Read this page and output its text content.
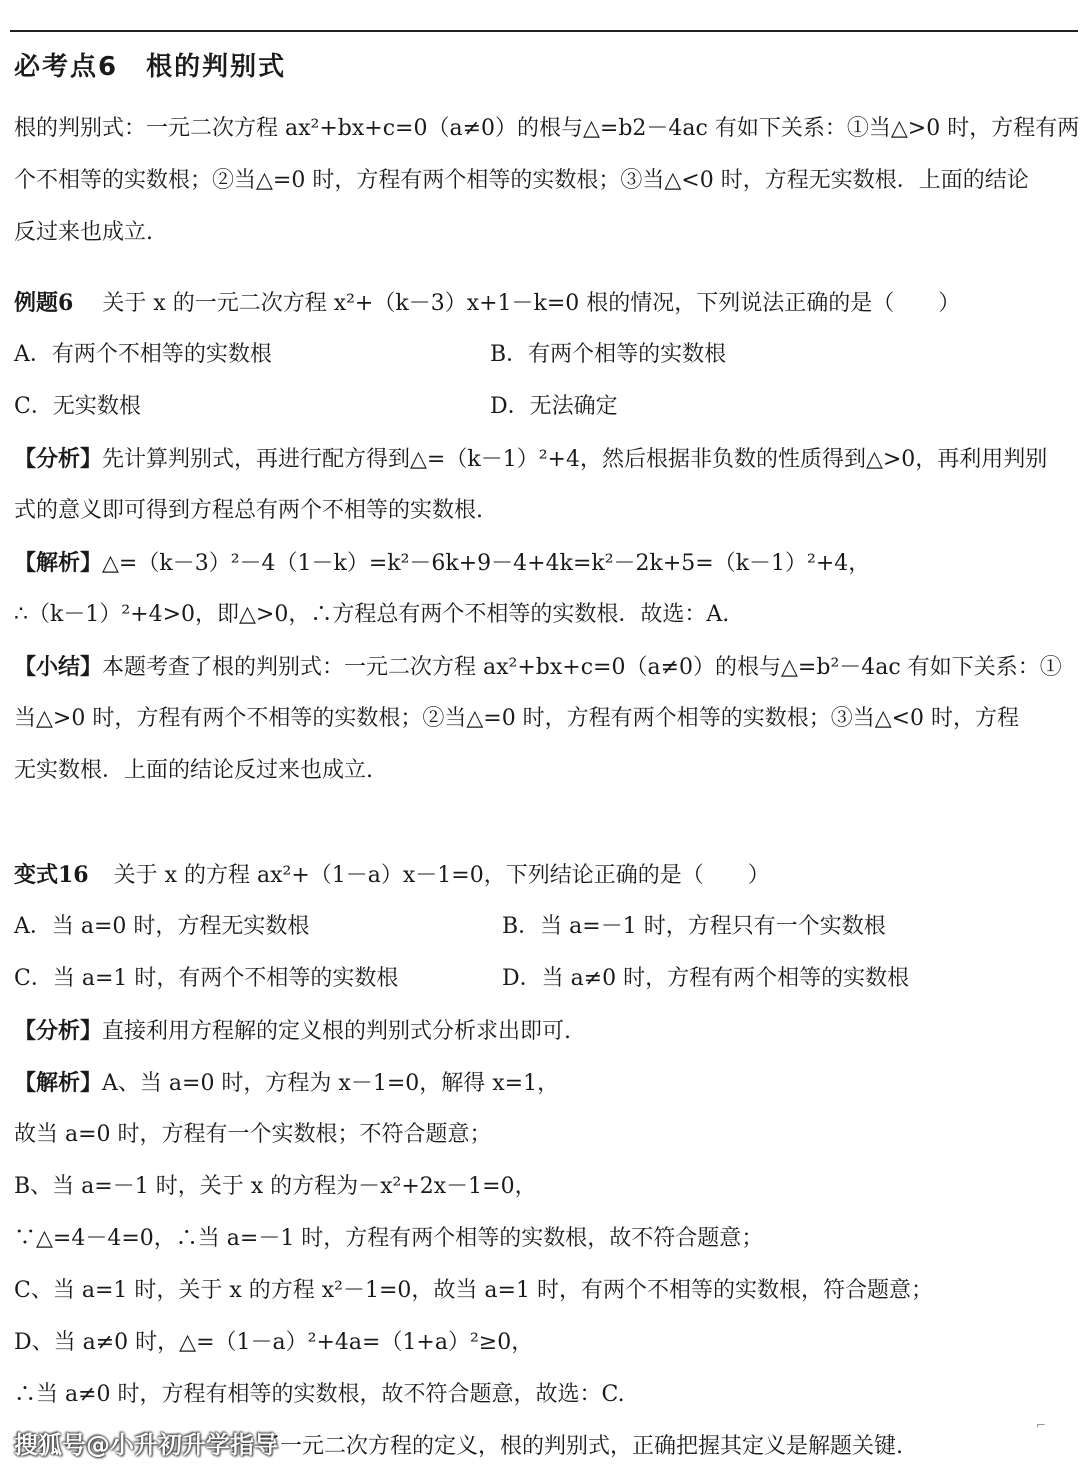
必考点6　根的判别式
根的判别式：一元二次方程 ax²+bx+c=0（a≠0）的根与△=b2－4ac 有如下关系：①当△>0 时，方程有两
个不相等的实数根；②当△=0 时，方程有两个相等的实数根；③当△<0 时，方程无实数根．上面的结论
反过来也成立.
例题6 关于 x 的一元二次方程 x²+（k－3）x+1－k=0 根的情况，下列说法正确的是（　　）
A．有两个不相等的实数根	B．有两个相等的实数根
C．无实数根	D．无法确定
【分析】先计算判别式，再进行配方得到△=（k－1）²+4，然后根据非负数的性质得到△>0，再利用判别
式的意义即可得到方程总有两个不相等的实数根.
【解析】△=（k－3）²－4（1－k）=k²－6k+9－4+4k=k²－2k+5=（k－1）²+4，
∴（k－1）²+4>0，即△>0，∴方程总有两个不相等的实数根．故选：A.
【小结】本题考查了根的判别式：一元二次方程 ax²+bx+c=0（a≠0）的根与△=b²－4ac 有如下关系：①
当△>0 时，方程有两个不相等的实数根；②当△=0 时，方程有两个相等的实数根；③当△<0 时，方程
无实数根．上面的结论反过来也成立.
变式16 关于 x 的方程 ax²+（1－a）x－1=0，下列结论正确的是（　　）
A．当 a=0 时，方程无实数根	B．当 a=－1 时，方程只有一个实数根
C．当 a=1 时，有两个不相等的实数根	D．当 a≠0 时，方程有两个相等的实数根
【分析】直接利用方程解的定义根的判别式分析求出即可.
【解析】A、当 a=0 时，方程为 x－1=0，解得 x=1，
故当 a=0 时，方程有一个实数根；不符合题意；
B、当 a=－1 时，关于 x 的方程为－x²+2x－1=0，
∵△=4－4=0，∴当 a=－1 时，方程有两个相等的实数根，故不符合题意；
C、当 a=1 时，关于 x 的方程 x²－1=0，故当 a=1 时，有两个不相等的实数根，符合题意；
D、当 a≠0 时，△=（1－a）²+4a=（1+a）²≥0，
∴当 a≠0 时，方程有相等的实数根，故不符合题意，故选：C.
了一元二次方程的定义，根的判别式，正确把握其定义是解题关键.
搜狐号@小升初升学指导
⌐
